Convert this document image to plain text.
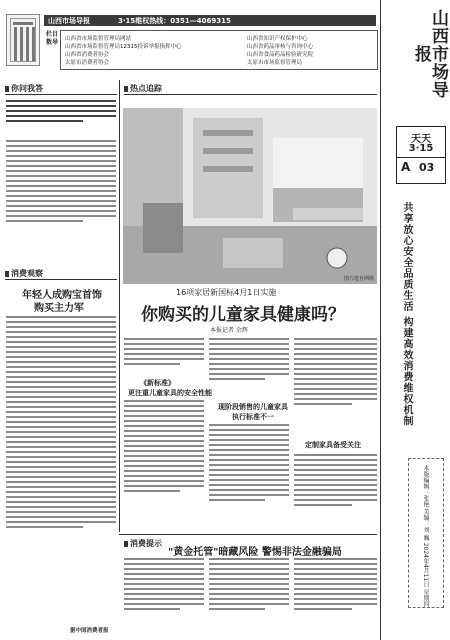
山西市场导报	3·15维权热线：0351—4069315
栏目 数导 山西省市场监督管理局网站
山西省市场监督管理局12315投诉举报指挥中心
山西省消费者协会
太原市消费者协会
山西省知识产权保护中心
山西省药品审核与咨询中心
山西省食品药品检验研究院
太原市市场监督管理局
你问我答
消费观察
年轻人成购宝首饰
购买主力军
据中国消费者报
热点追踪
图片选自网络
16项家居新国标4月1日实施
你购买的儿童家具健康吗？
本报记者 余辉
《新标准》
更注重儿童家具的安全性能
现阶段销售的儿童家具
执行标准不一
定制家具备受关注
消费提示
"黄金托管"暗藏风险 警惕非法金融骗局
山西市场导报
天天
3·15
A 03
共享放心安全品质生活 构建高效消费维权机制
本版编辑：张艳 美编：刘 巍 2024年4月11日 星期四
